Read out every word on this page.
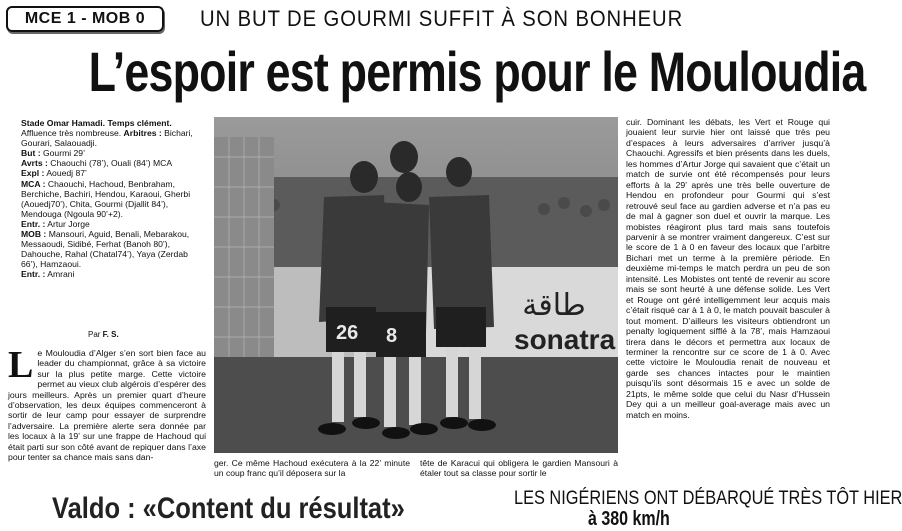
MCE 1 - MOB 0 UN BUT DE GOURMI SUFFIT À SON BONHEUR
L’espoir est permis pour le Mouloudia

Stade Omar Hamadi. Temps clément.

Affluence très nombreuse. Arbitres : Bichari, Gourari, Salaouadji.

But : Gourmi 29’

Avrts : Chaouchi (78’), Ouali (84’) MCA

Expl : Aouedj 87’

MCA : Chaouchi, Hachoud, Benbraham, Berchiche, Bachiri, Hendou, Karaoui, Gherbi (Aouedj70’), Chita, Gourmi (Djallit 84’), Mendouga (Ngoula 90’+2).

Entr. : Artur Jorge

MOB : Mansouri, Aguid, Benali, Mebarakou, Messaoudi, Sidibé, Ferhat (Banoh 80’), Dahouche, Rahal (Chatal74’), Yaya (Zerdab 66’), Hamzaoui.

Entr. : Amrani

Par F. S.
L e Mouloudia d’Alger s’en sort bien face au leader du championnat, grâce à sa victoire sur la plus petite marge. Cette victoire permet au vieux club algérois d’espérer des jours meilleurs. Après un premier quart d’heure d’observation, les deux équipes commenceront à sortir de leur camp pour essayer de surprendre l’adversaire. La première alerte sera donnée par les locaux à la 19’ sur une frappe de Hachoud qui était parti sur son côté avant de repiquer dans l’axe pour tenter sa chance mais sans dan-
طاقة
sonatra
26 8
ger. Ce même Hachoud exécutera à la 22’ minute un coup franc qu’il déposera sur la
tête de Karacui qui obligera le gardien Mansouri à étaler tout sa classe pour sortir le
cuir. Dominant les débats, les Vert et Rouge qui jouaient leur survie hier ont laissé que très peu d’espaces à leurs adversaires d’arriver jusqu’à Chaouchi. Agressifs et bien présents dans les duels, les hommes d’Artur Jorge qui savaient que c’était un match de survie ont été récompensés pour leurs efforts à la 29’ après une très belle ouverture de Hendou en profondeur pour Gourmi qui s’est retrouvé seul face au gardien adverse et n’a pas eu de mal à gagner son duel et ouvrir la marque. Les mobistes réagiront plus tard mais sans toutefois parvenir à se montrer vraiment dangereux. C’est sur le score de 1 à 0 en faveur des locaux que l’arbitre Bichari met un terme à la première période. En deuxième mi-temps le match perdra un peu de son intensité. Les Mobistes ont tenté de revenir au score mais se sont heurté à une défense solide. Les Vert et Rouge ont géré intelligemment leur acquis mais c’était risqué car à 1 à 0, le match pouvait basculer à tout moment. D’ailleurs les visiteurs obtiendront un penalty logiquement sifflé à la 78’, mais Hamzaoui tirera dans le décors et permettra aux locaux de terminer la rencontre sur ce score de 1 à 0. Avec cette victoire le Mouloudia renait de nouveau et garde ses chances intactes pour le maintien puisqu’ils sont désormais 15 e avec un solde de 21pts, le même solde que celui du Nasr d’Hussein Dey qui a un meilleur goal-average mais avec un match en moins.
Valdo : «Content du résultat»	LES NIGÉRIENS ONT DÉBARQUÉ TRÈS TÔT HIER
à 380 km/h
